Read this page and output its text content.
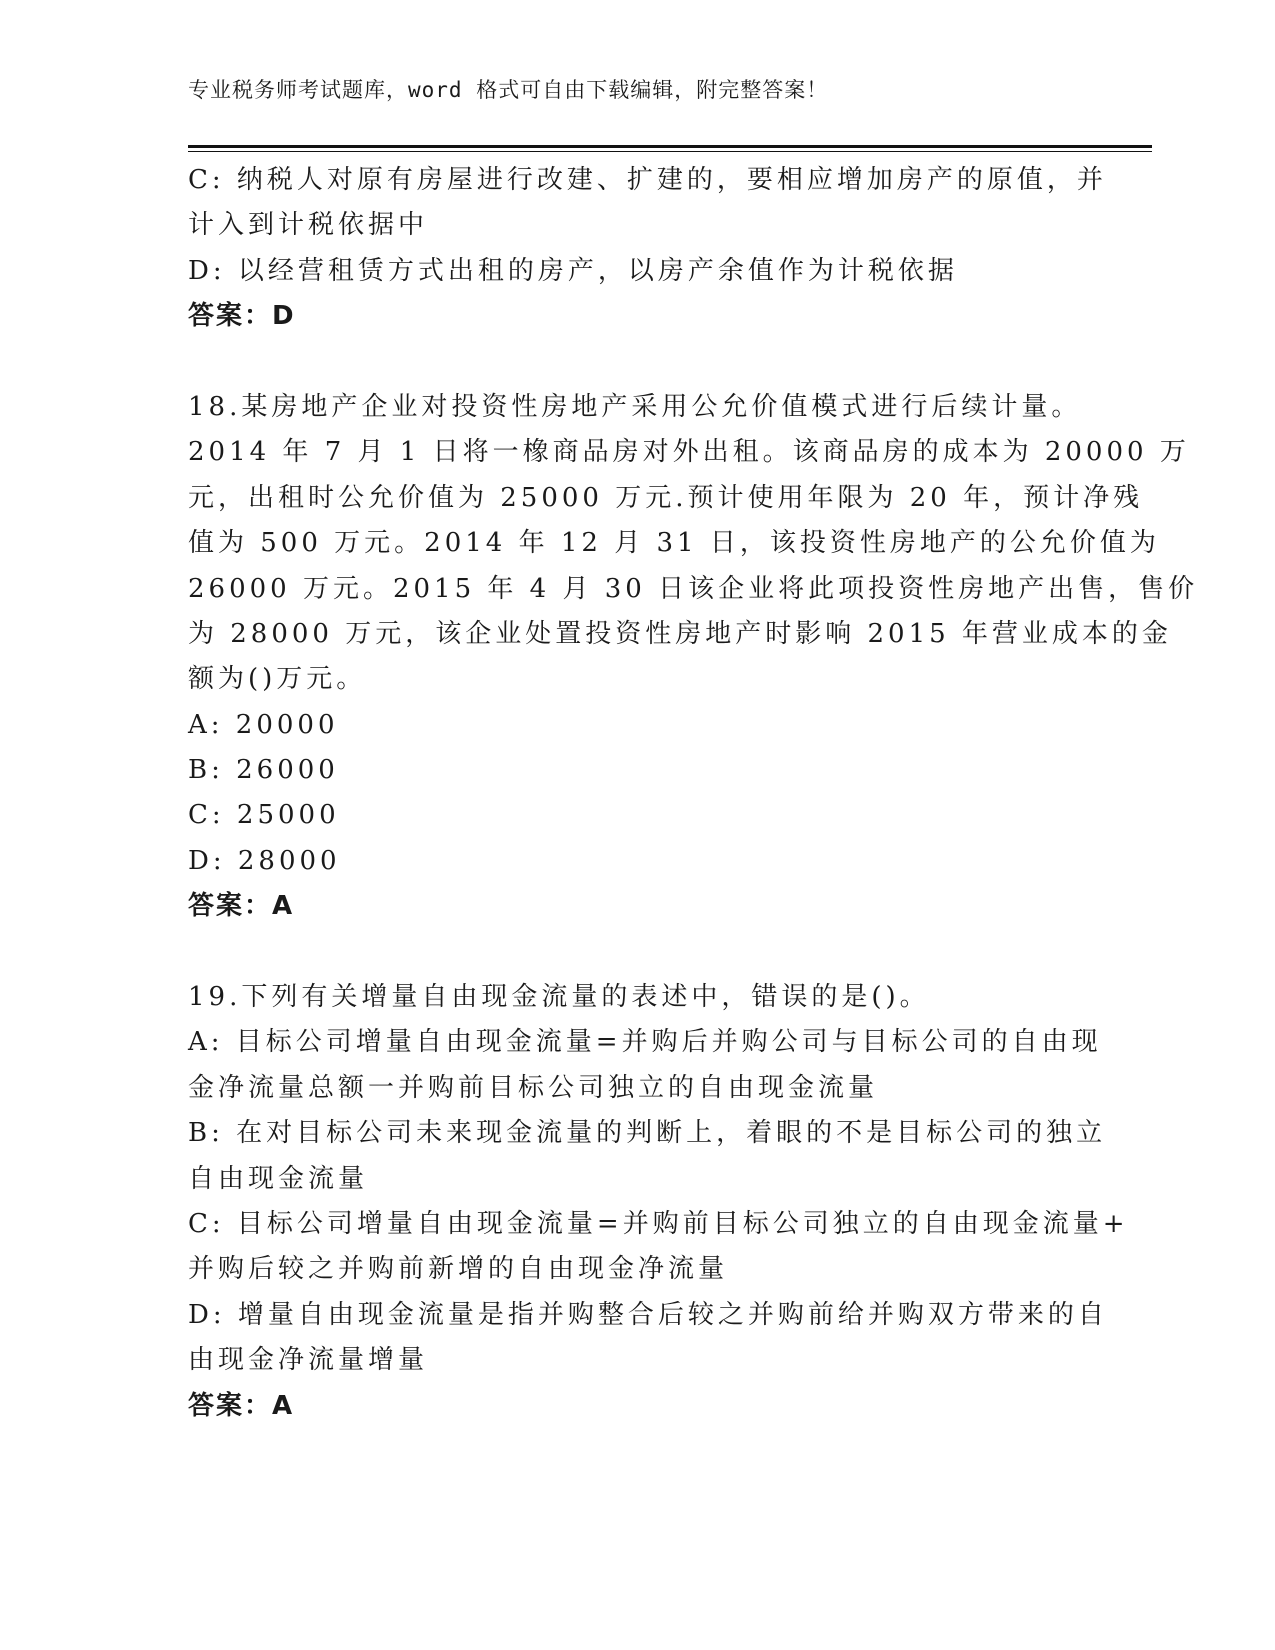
专业税务师考试题库，word 格式可自由下载编辑，附完整答案！
C: 纳税人对原有房屋进行改建、扩建的，要相应增加房产的原值，并
计入到计税依据中
D: 以经营租赁方式出租的房产，以房产余值作为计税依据
答案：D
18.某房地产企业对投资性房地产采用公允价值模式进行后续计量。
2014 年 7 月 1 日将一橡商品房对外出租。该商品房的成本为 20000 万
元，出租时公允价值为 25000 万元.预计使用年限为 20 年，预计净残
值为 500 万元。2014 年 12 月 31 日，该投资性房地产的公允价值为
26000 万元。2015 年 4 月 30 日该企业将此项投资性房地产出售，售价
为 28000 万元，该企业处置投资性房地产时影响 2015 年营业成本的金
额为()万元。
A: 20000
B: 26000
C: 25000
D: 28000
答案：A
19.下列有关增量自由现金流量的表述中，错误的是()。
A: 目标公司增量自由现金流量=并购后并购公司与目标公司的自由现
金净流量总额一并购前目标公司独立的自由现金流量
B: 在对目标公司未来现金流量的判断上，着眼的不是目标公司的独立
自由现金流量
C: 目标公司增量自由现金流量=并购前目标公司独立的自由现金流量+
并购后较之并购前新增的自由现金净流量
D: 增量自由现金流量是指并购整合后较之并购前给并购双方带来的自
由现金净流量增量
答案：A
